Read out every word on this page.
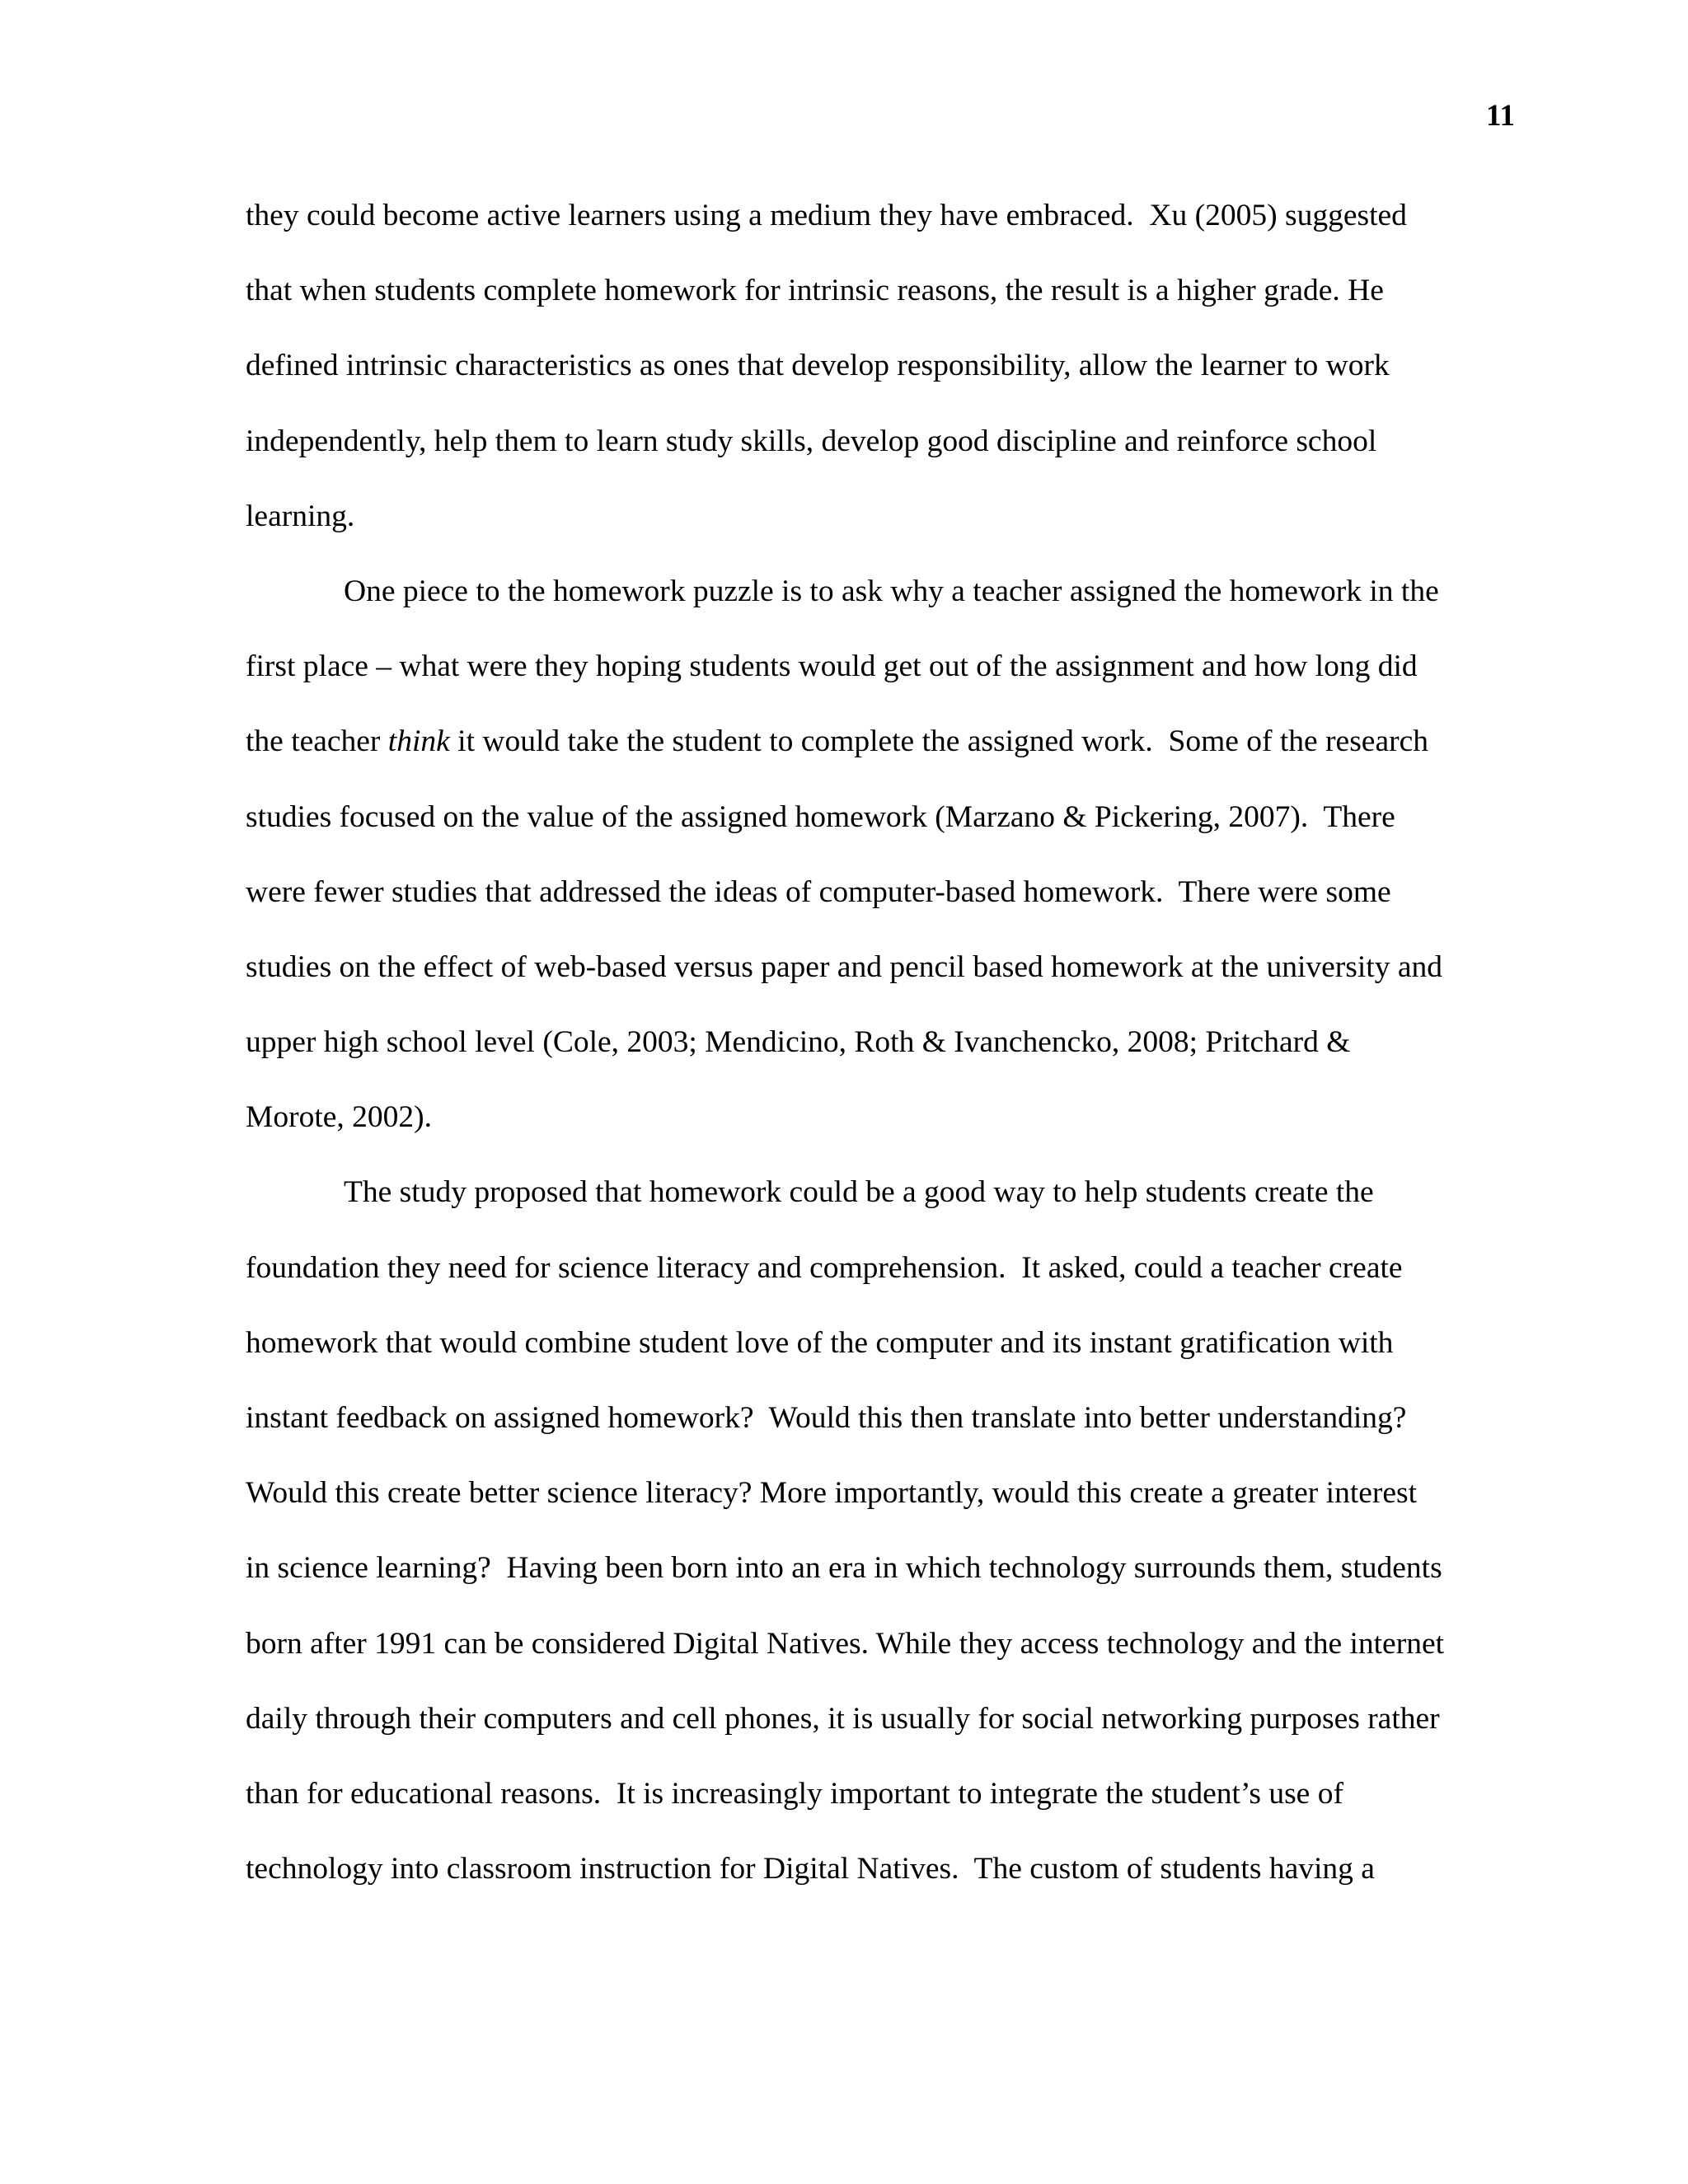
11
they could become active learners using a medium they have embraced.  Xu (2005) suggested
that when students complete homework for intrinsic reasons, the result is a higher grade. He
defined intrinsic characteristics as ones that develop responsibility, allow the learner to work
independently, help them to learn study skills, develop good discipline and reinforce school
learning.
One piece to the homework puzzle is to ask why a teacher assigned the homework in the
first place – what were they hoping students would get out of the assignment and how long did
the teacher think it would take the student to complete the assigned work.  Some of the research
studies focused on the value of the assigned homework (Marzano & Pickering, 2007).  There
were fewer studies that addressed the ideas of computer-based homework.  There were some
studies on the effect of web-based versus paper and pencil based homework at the university and
upper high school level (Cole, 2003; Mendicino, Roth & Ivanchencko, 2008; Pritchard &
Morote, 2002).
The study proposed that homework could be a good way to help students create the
foundation they need for science literacy and comprehension.  It asked, could a teacher create
homework that would combine student love of the computer and its instant gratification with
instant feedback on assigned homework?  Would this then translate into better understanding?
Would this create better science literacy? More importantly, would this create a greater interest
in science learning?  Having been born into an era in which technology surrounds them, students
born after 1991 can be considered Digital Natives. While they access technology and the internet
daily through their computers and cell phones, it is usually for social networking purposes rather
than for educational reasons.  It is increasingly important to integrate the student’s use of
technology into classroom instruction for Digital Natives.  The custom of students having a
